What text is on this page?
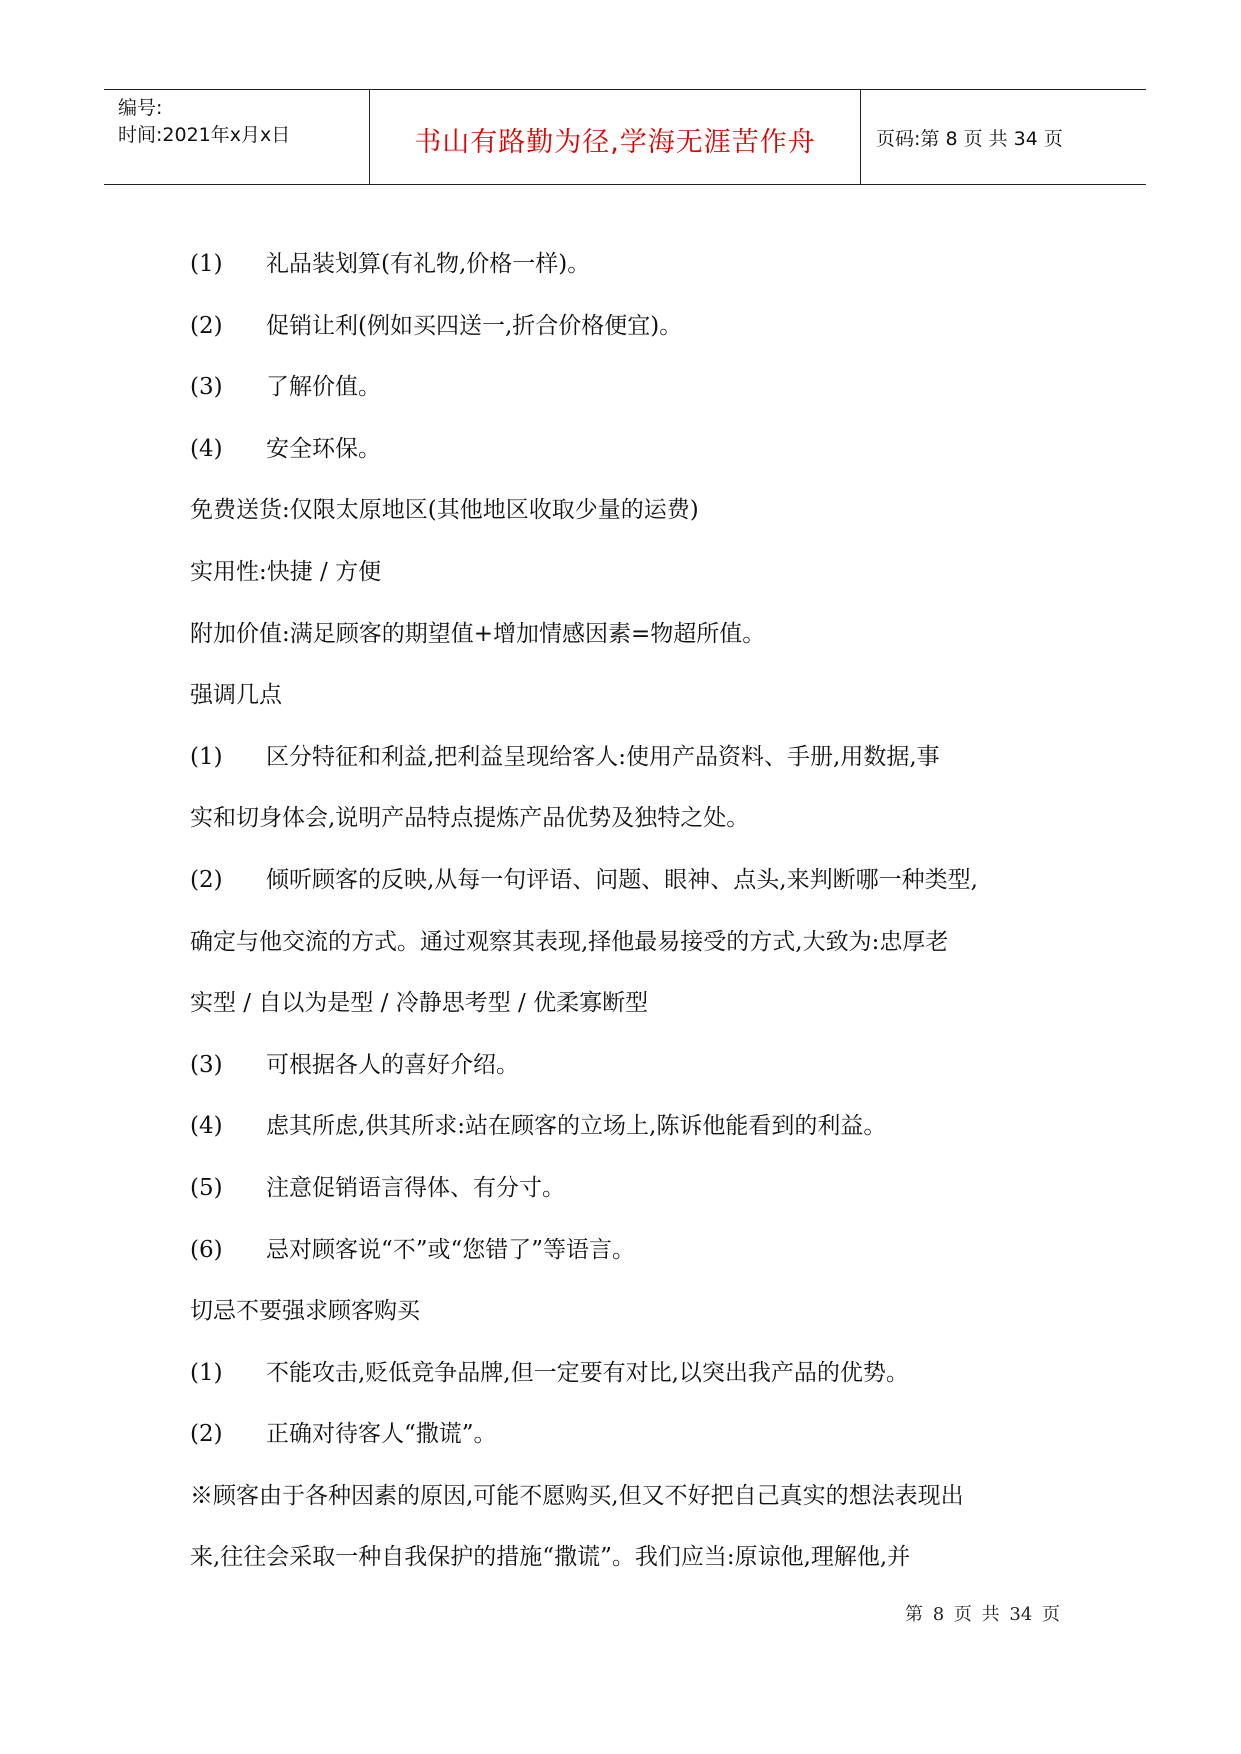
编号:
时间:2021年x月x日	书山有路勤为径,学海无涯苦作舟	页码:第 8 页 共 34 页
(1) 礼品装划算(有礼物,价格一样)。
(2) 促销让利(例如买四送一,折合价格便宜)。
(3) 了解价值。
(4) 安全环保。
免费送货:仅限太原地区(其他地区收取少量的运费)
实用性:快捷 / 方便
附加价值:满足顾客的期望值+增加情感因素=物超所值。
强调几点
(1) 区分特征和利益,把利益呈现给客人:使用产品资料、手册,用数据,事
实和切身体会,说明产品特点提炼产品优势及独特之处。
(2) 倾听顾客的反映,从每一句评语、问题、眼神、点头,来判断哪一种类型,
确定与他交流的方式。通过观察其表现,择他最易接受的方式,大致为:忠厚老
实型 / 自以为是型 / 冷静思考型 / 优柔寡断型
(3) 可根据各人的喜好介绍。
(4) 虑其所虑,供其所求:站在顾客的立场上,陈诉他能看到的利益。
(5) 注意促销语言得体、有分寸。
(6) 忌对顾客说“不”或“您错了”等语言。
切忌不要强求顾客购买
(1) 不能攻击,贬低竞争品牌,但一定要有对比,以突出我产品的优势。
(2) 正确对待客人“撒谎”。
※顾客由于各种因素的原因,可能不愿购买,但又不好把自己真实的想法表现出
来,往往会采取一种自我保护的措施“撒谎”。我们应当:原谅他,理解他,并
第 8 页 共 34 页
